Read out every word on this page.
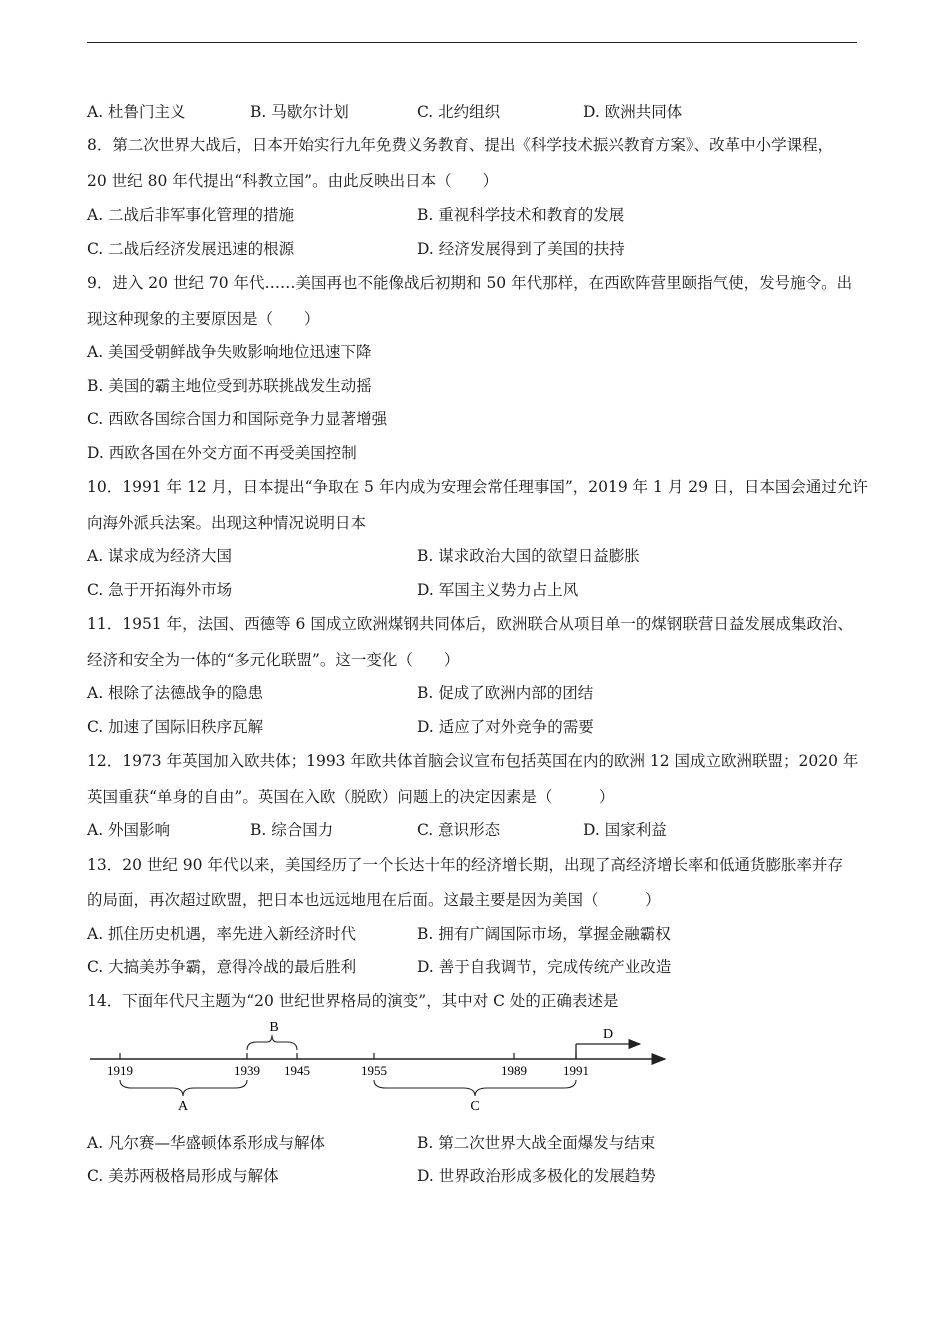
A. 杜鲁门主义	B. 马歇尔计划	C. 北约组织	D. 欧洲共同体
8．第二次世界大战后，日本开始实行九年免费义务教育、提出《科学技术振兴教育方案》、改革中小学课程，
20 世纪 80 年代提出“科教立国”。由此反映出日本（　　）
A. 二战后非军事化管理的措施	B. 重视科学技术和教育的发展
C. 二战后经济发展迅速的根源	D. 经济发展得到了美国的扶持
9．进入 20 世纪 70 年代……美国再也不能像战后初期和 50 年代那样，在西欧阵营里颐指气使，发号施令。出
现这种现象的主要原因是（　　）
A. 美国受朝鲜战争失败影响地位迅速下降
B. 美国的霸主地位受到苏联挑战发生动摇
C. 西欧各国综合国力和国际竞争力显著增强
D. 西欧各国在外交方面不再受美国控制
10．1991 年 12 月，日本提出“争取在 5 年内成为安理会常任理事国”，2019 年 1 月 29 日，日本国会通过允许
向海外派兵法案。出现这种情况说明日本
A. 谋求成为经济大国	B. 谋求政治大国的欲望日益膨胀
C. 急于开拓海外市场	D. 军国主义势力占上风
11．1951 年，法国、西德等 6 国成立欧洲煤钢共同体后，欧洲联合从项目单一的煤钢联营日益发展成集政治、
经济和安全为一体的“多元化联盟”。这一变化（　　）
A. 根除了法德战争的隐患	B. 促成了欧洲内部的团结
C. 加速了国际旧秩序瓦解	D. 适应了对外竞争的需要
12．1973 年英国加入欧共体；1993 年欧共体首脑会议宣布包括英国在内的欧洲 12 国成立欧洲联盟；2020 年
英国重获“单身的自由”。英国在入欧（脱欧）问题上的决定因素是（　　　）
A. 外国影响	B. 综合国力	C. 意识形态	D. 国家利益
13．20 世纪 90 年代以来，美国经历了一个长达十年的经济增长期，出现了高经济增长率和低通货膨胀率并存
的局面，再次超过欧盟，把日本也远远地甩在后面。这最主要是因为美国（　　　）
A. 抓住历史机遇，率先进入新经济时代	B. 拥有广阔国际市场，掌握金融霸权
C. 大搞美苏争霸，意得冷战的最后胜利	D. 善于自我调节，完成传统产业改造
14．下面年代尺主题为“20 世纪世界格局的演变”，其中对 C 处的正确表述是
1919	1939 1945	1955	1989	1991
B
A	C
D
A. 凡尔赛—华盛顿体系形成与解体	B. 第二次世界大战全面爆发与结束
C. 美苏两极格局形成与解体	D. 世界政治形成多极化的发展趋势
